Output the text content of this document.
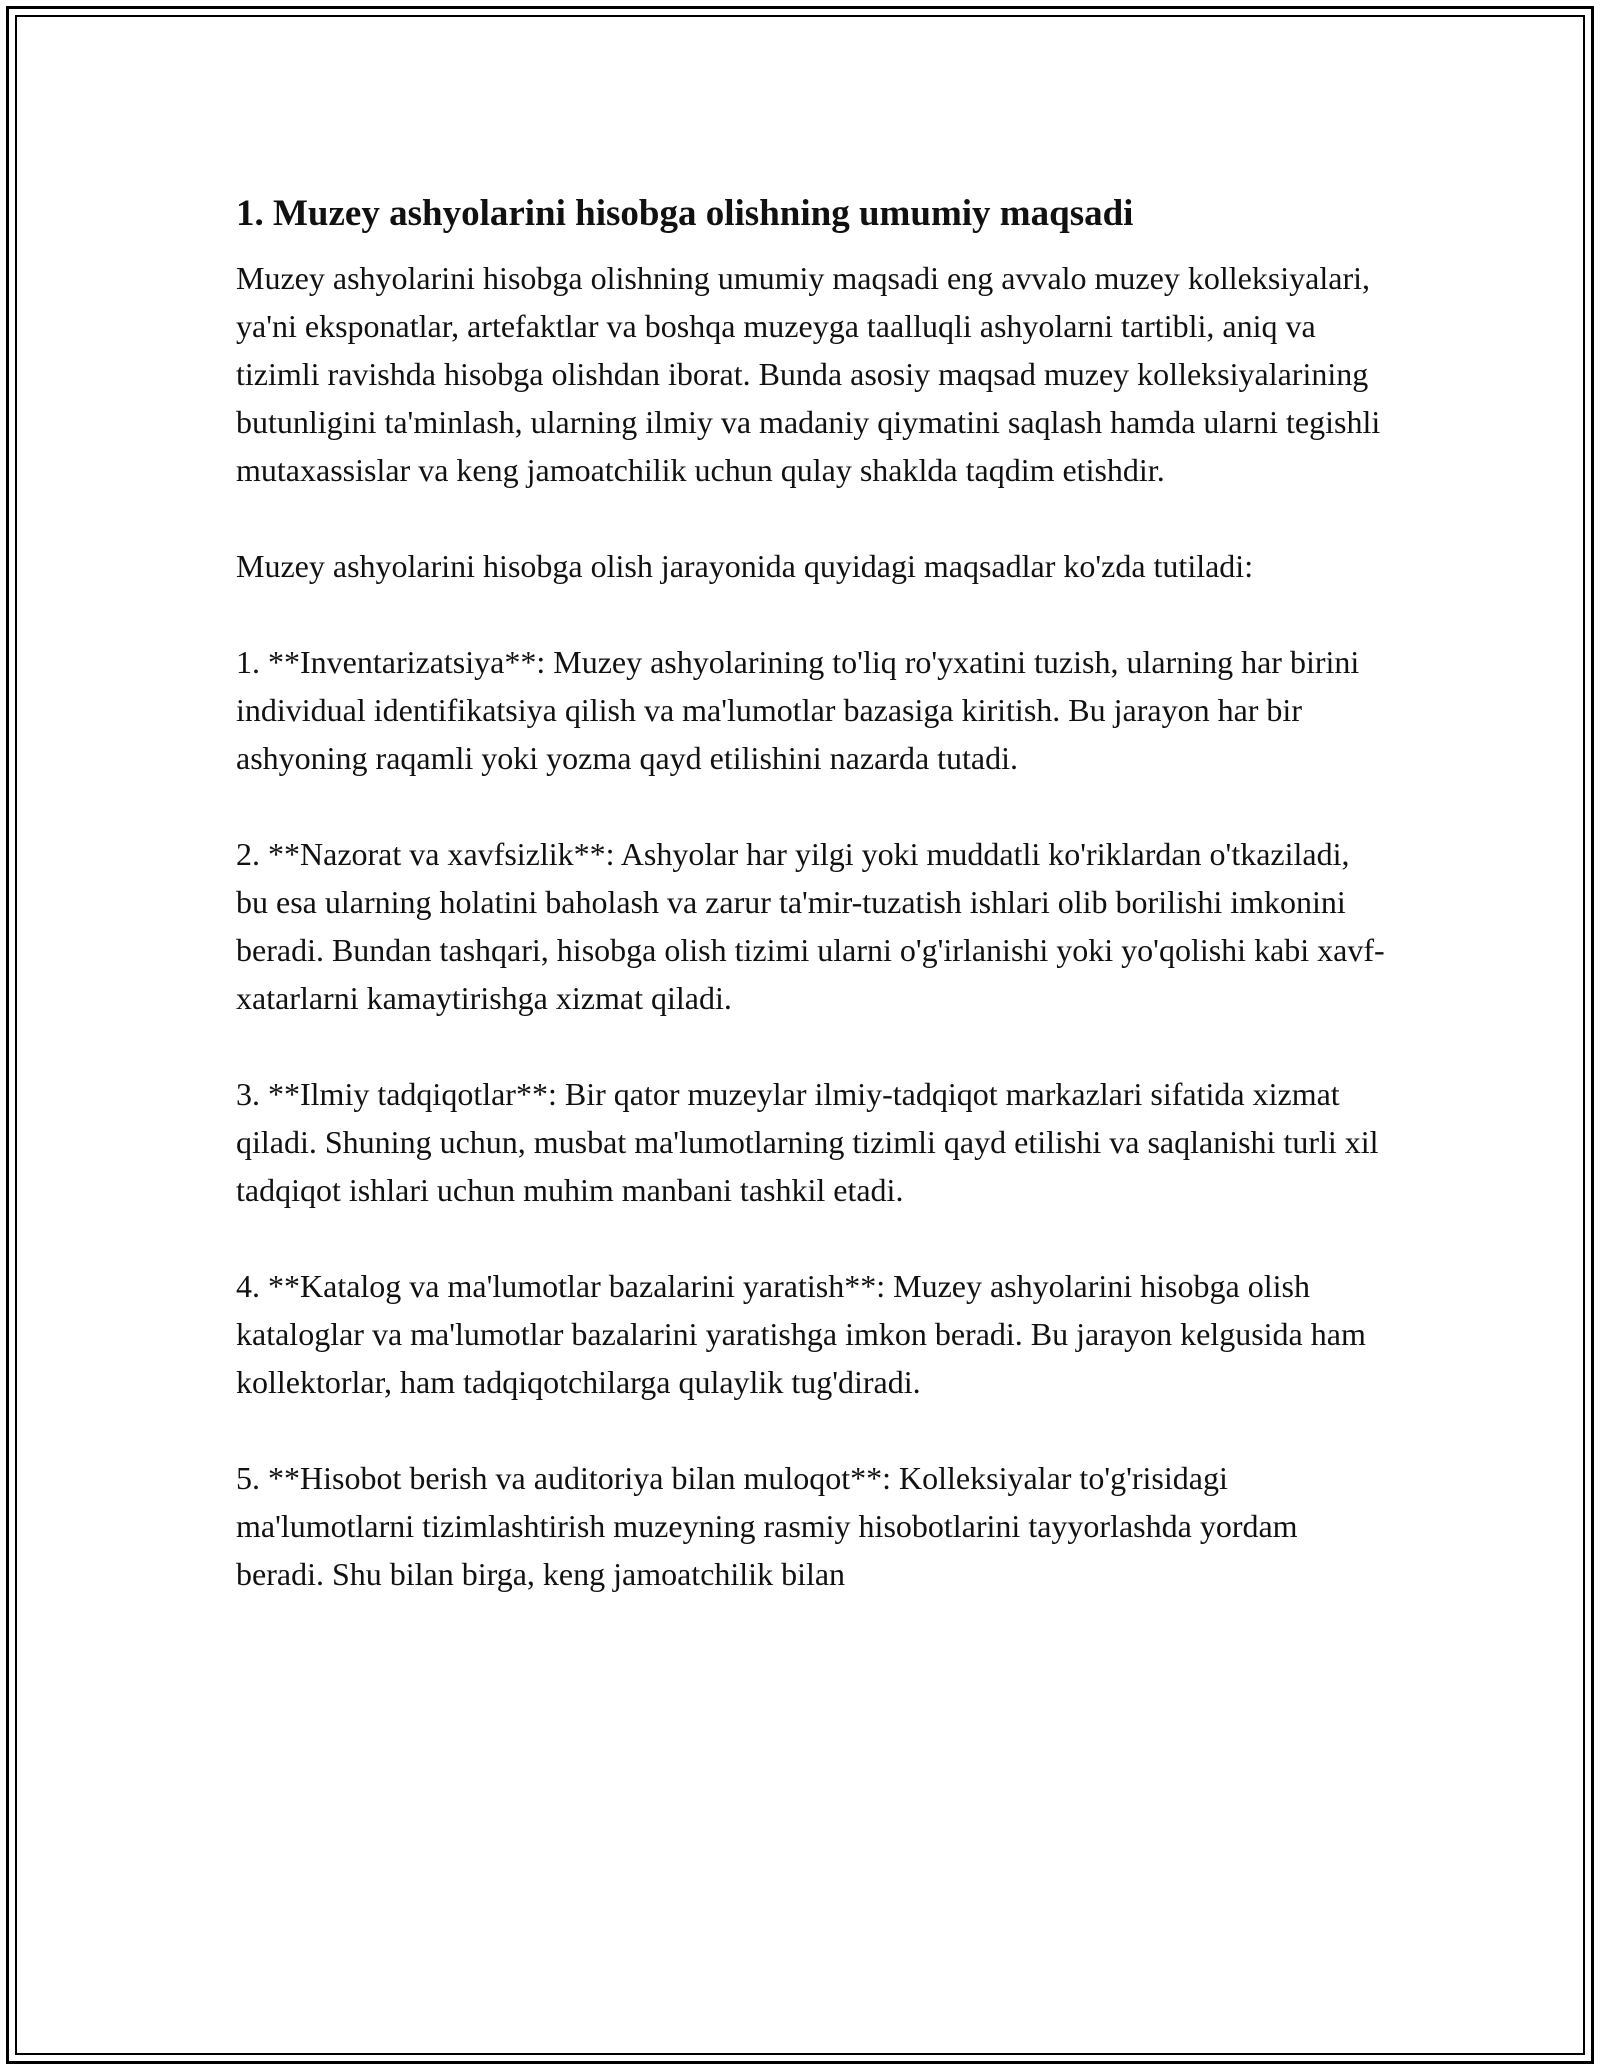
1. Muzey ashyolarini hisobga olishning umumiy maqsadi

Muzey ashyolarini hisobga olishning umumiy maqsadi eng avvalo muzey kolleksiyalari, ya'ni eksponatlar, artefaktlar va boshqa muzeyga taalluqli ashyolarni tartibli, aniq va tizimli ravishda hisobga olishdan iborat. Bunda asosiy maqsad muzey kolleksiyalarining butunligini ta'minlash, ularning ilmiy va madaniy qiymatini saqlash hamda ularni tegishli mutaxassislar va keng jamoatchilik uchun qulay shaklda taqdim etishdir.

Muzey ashyolarini hisobga olish jarayonida quyidagi maqsadlar ko'zda tutiladi:

1. **Inventarizatsiya**: Muzey ashyolarining to'liq ro'yxatini tuzish, ularning har birini individual identifikatsiya qilish va ma'lumotlar bazasiga kiritish. Bu jarayon har bir ashyoning raqamli yoki yozma qayd etilishini nazarda tutadi.

2. **Nazorat va xavfsizlik**: Ashyolar har yilgi yoki muddatli ko'riklardan o'tkaziladi, bu esa ularning holatini baholash va zarur ta'mir-tuzatish ishlari olib borilishi imkonini beradi. Bundan tashqari, hisobga olish tizimi ularni o'g'irlanishi yoki yo'qolishi kabi xavf-xatarlarni kamaytirishga xizmat qiladi.

3. **Ilmiy tadqiqotlar**: Bir qator muzeylar ilmiy-tadqiqot markazlari sifatida xizmat qiladi. Shuning uchun, musbat ma'lumotlarning tizimli qayd etilishi va saqlanishi turli xil tadqiqot ishlari uchun muhim manbani tashkil etadi.

4. **Katalog va ma'lumotlar bazalarini yaratish**: Muzey ashyolarini hisobga olish kataloglar va ma'lumotlar bazalarini yaratishga imkon beradi. Bu jarayon kelgusida ham kollektorlar, ham tadqiqotchilarga qulaylik tug'diradi.

5. **Hisobot berish va auditoriya bilan muloqot**: Kolleksiyalar to'g'risidagi ma'lumotlarni tizimlashtirish muzeyning rasmiy hisobotlarini tayyorlashda yordam beradi. Shu bilan birga, keng jamoatchilik bilan
